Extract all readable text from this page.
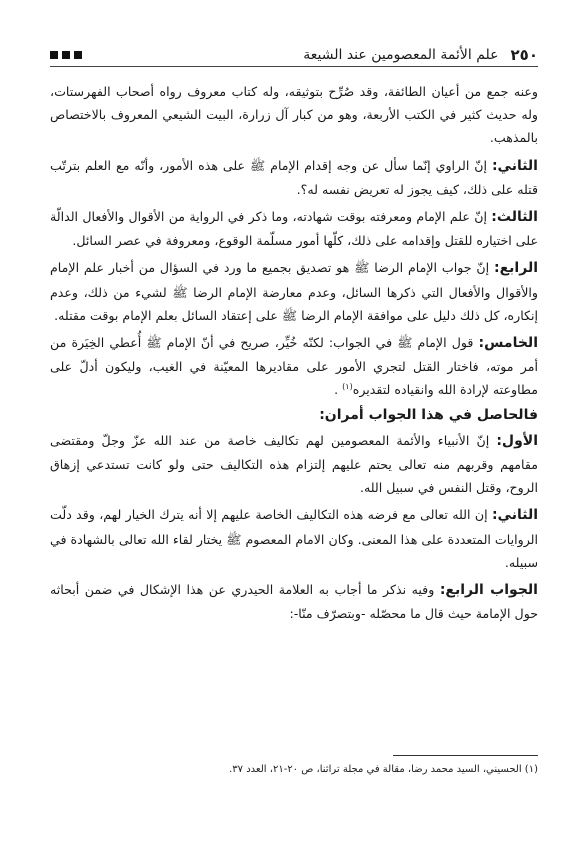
٢٥٠
علم الأئمة المعصومين عند الشيعة

وعنه جمع من أعيان الطائفة، وقد صُرِّح بتوثيقه، وله كتاب معروف رواه أصحاب الفهرستات، وله حديث كثير في الكتب الأربعة، وهو من كبار آل زرارة، البيت الشيعي المعروف بالاختصاص بالمذهب.

الثاني: إنّ الراوي إنّما سأل عن وجه إقدام الإمام ﷺ على هذه الأمور، وأنّه مع العلم بترتّب قتله على ذلك، كيف يجوز له تعريض نفسه له؟.

الثالث: إنّ علم الإمام ومعرفته بوقت شهادته، وما ذكر في الرواية من الأقوال والأفعال الدالّة على اختياره للقتل وإقدامه على ذلك، كلّها أمور مسلّمة الوقوع، ومعروفة في عصر السائل.

الرابع: إنّ جواب الإمام الرضا ﷺ هو تصديق بجميع ما ورد في السؤال من أخبار علم الإمام والأقوال والأفعال التي ذكرها السائل، وعدم معارضة الإمام الرضا ﷺ لشيء من ذلك، وعدم إنكاره، كل ذلك دليل على موافقة الإمام الرضا ﷺ على إعتقاد السائل بعلم الإمام بوقت مقتله.

الخامس: قول الإمام ﷺ في الجواب: لكنّه خُيِّر، صريح في أنّ الإمام ﷺ أُعطي الخِيَرة من أمر موته، فاختار القتل لتجري الأمور على مقاديرها المعيّنة في الغيب، وليكون أدلّ على مطاوعته لإرادة الله وانقياده لتقديره$^{(١)}$ .

فالحاصل في هذا الجواب أمران:

الأول: إنّ الأنبياء والأئمة المعصومين لهم تكاليف خاصة من عند الله عزّ وجلّ ومقتضى مقامهم وقربهم منه تعالى يحتم عليهم إلتزام هذه التكاليف حتى ولو كانت تستدعي إزهاق الروح، وقتل النفس في سبيل الله.

الثاني: إن الله تعالى مع فرضه هذه التكاليف الخاصة عليهم إلا أنه يترك الخيار لهم، وقد دلّت الروايات المتعددة على هذا المعنى. وكان الامام المعصوم ﷺ يختار لقاء الله تعالى بالشهادة في سبيله.

الجواب الرابع: وفيه نذكر ما أجاب به العلامة الحيدري عن هذا الإشكال في ضمن أبحاثه حول الإمامة حيث قال ما محصّله -وبتصرّف منّا-:

(١) الحسيني، السيد محمد رضا، مقالة في مجلة تراثنا، ص ٢٠-٢١، العدد ٣٧.
